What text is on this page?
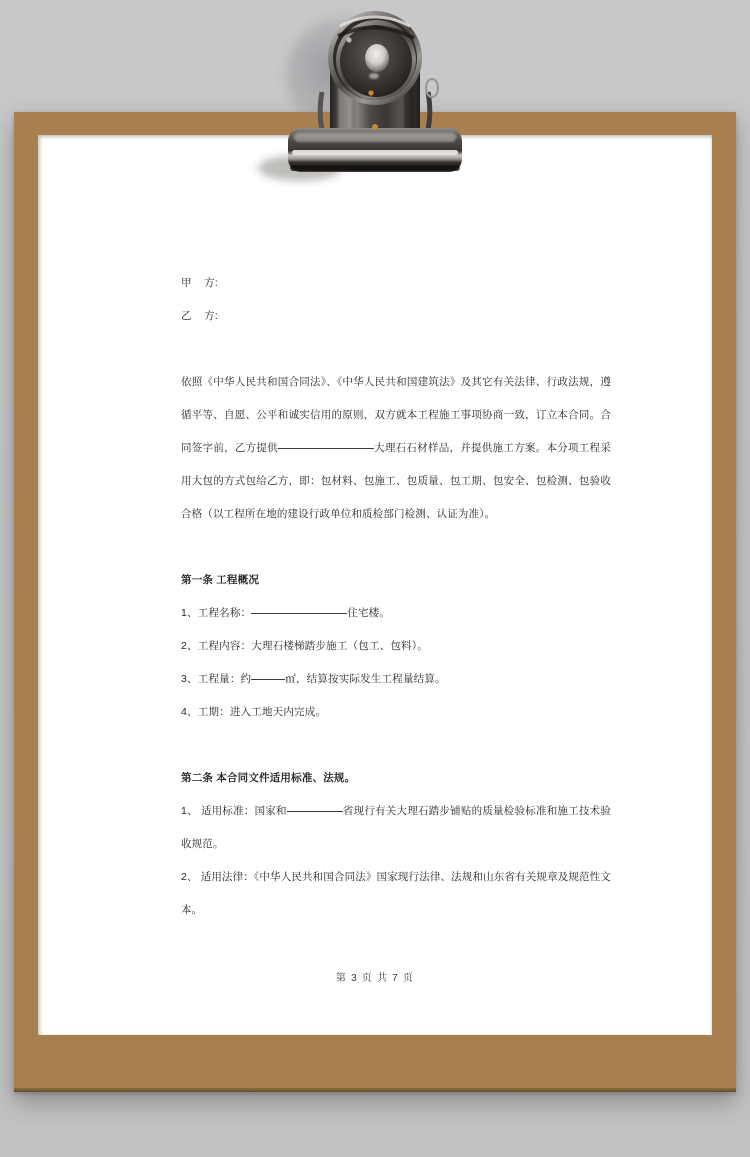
甲    方:
乙    方:
依照《中华人民共和国合同法》、《中华人民共和国建筑法》及其它有关法律、行政法规，遵循平等、自愿、公平和诚实信用的原则，双方就本工程施工事项协商一致，订立本合同。合同签字前，乙方提供	大理石石材样品，并提供施工方案。本分项工程采用大包的方式包给乙方，即：包材料、包施工、包质量、包工期、包安全、包检测、包验收合格（以工程所在地的建设行政单位和质检部门检测、认证为准）。
第一条 工程概况
1、工程名称：	住宅楼。
2、工程内容：大理石楼梯踏步施工（包工、包料）。
3、工程量：约	㎡，结算按实际发生工程量结算。
4、工期：进入工地天内完成。
第二条 本合同文件适用标准、法规。
1、 适用标准：国家和	省现行有关大理石踏步铺贴的质量检验标准和施工技术验收规范。
2、 适用法律：《中华人民共和国合同法》国家现行法律、法规和山东省有关规章及规范性文本。
第 3 页 共 7 页
